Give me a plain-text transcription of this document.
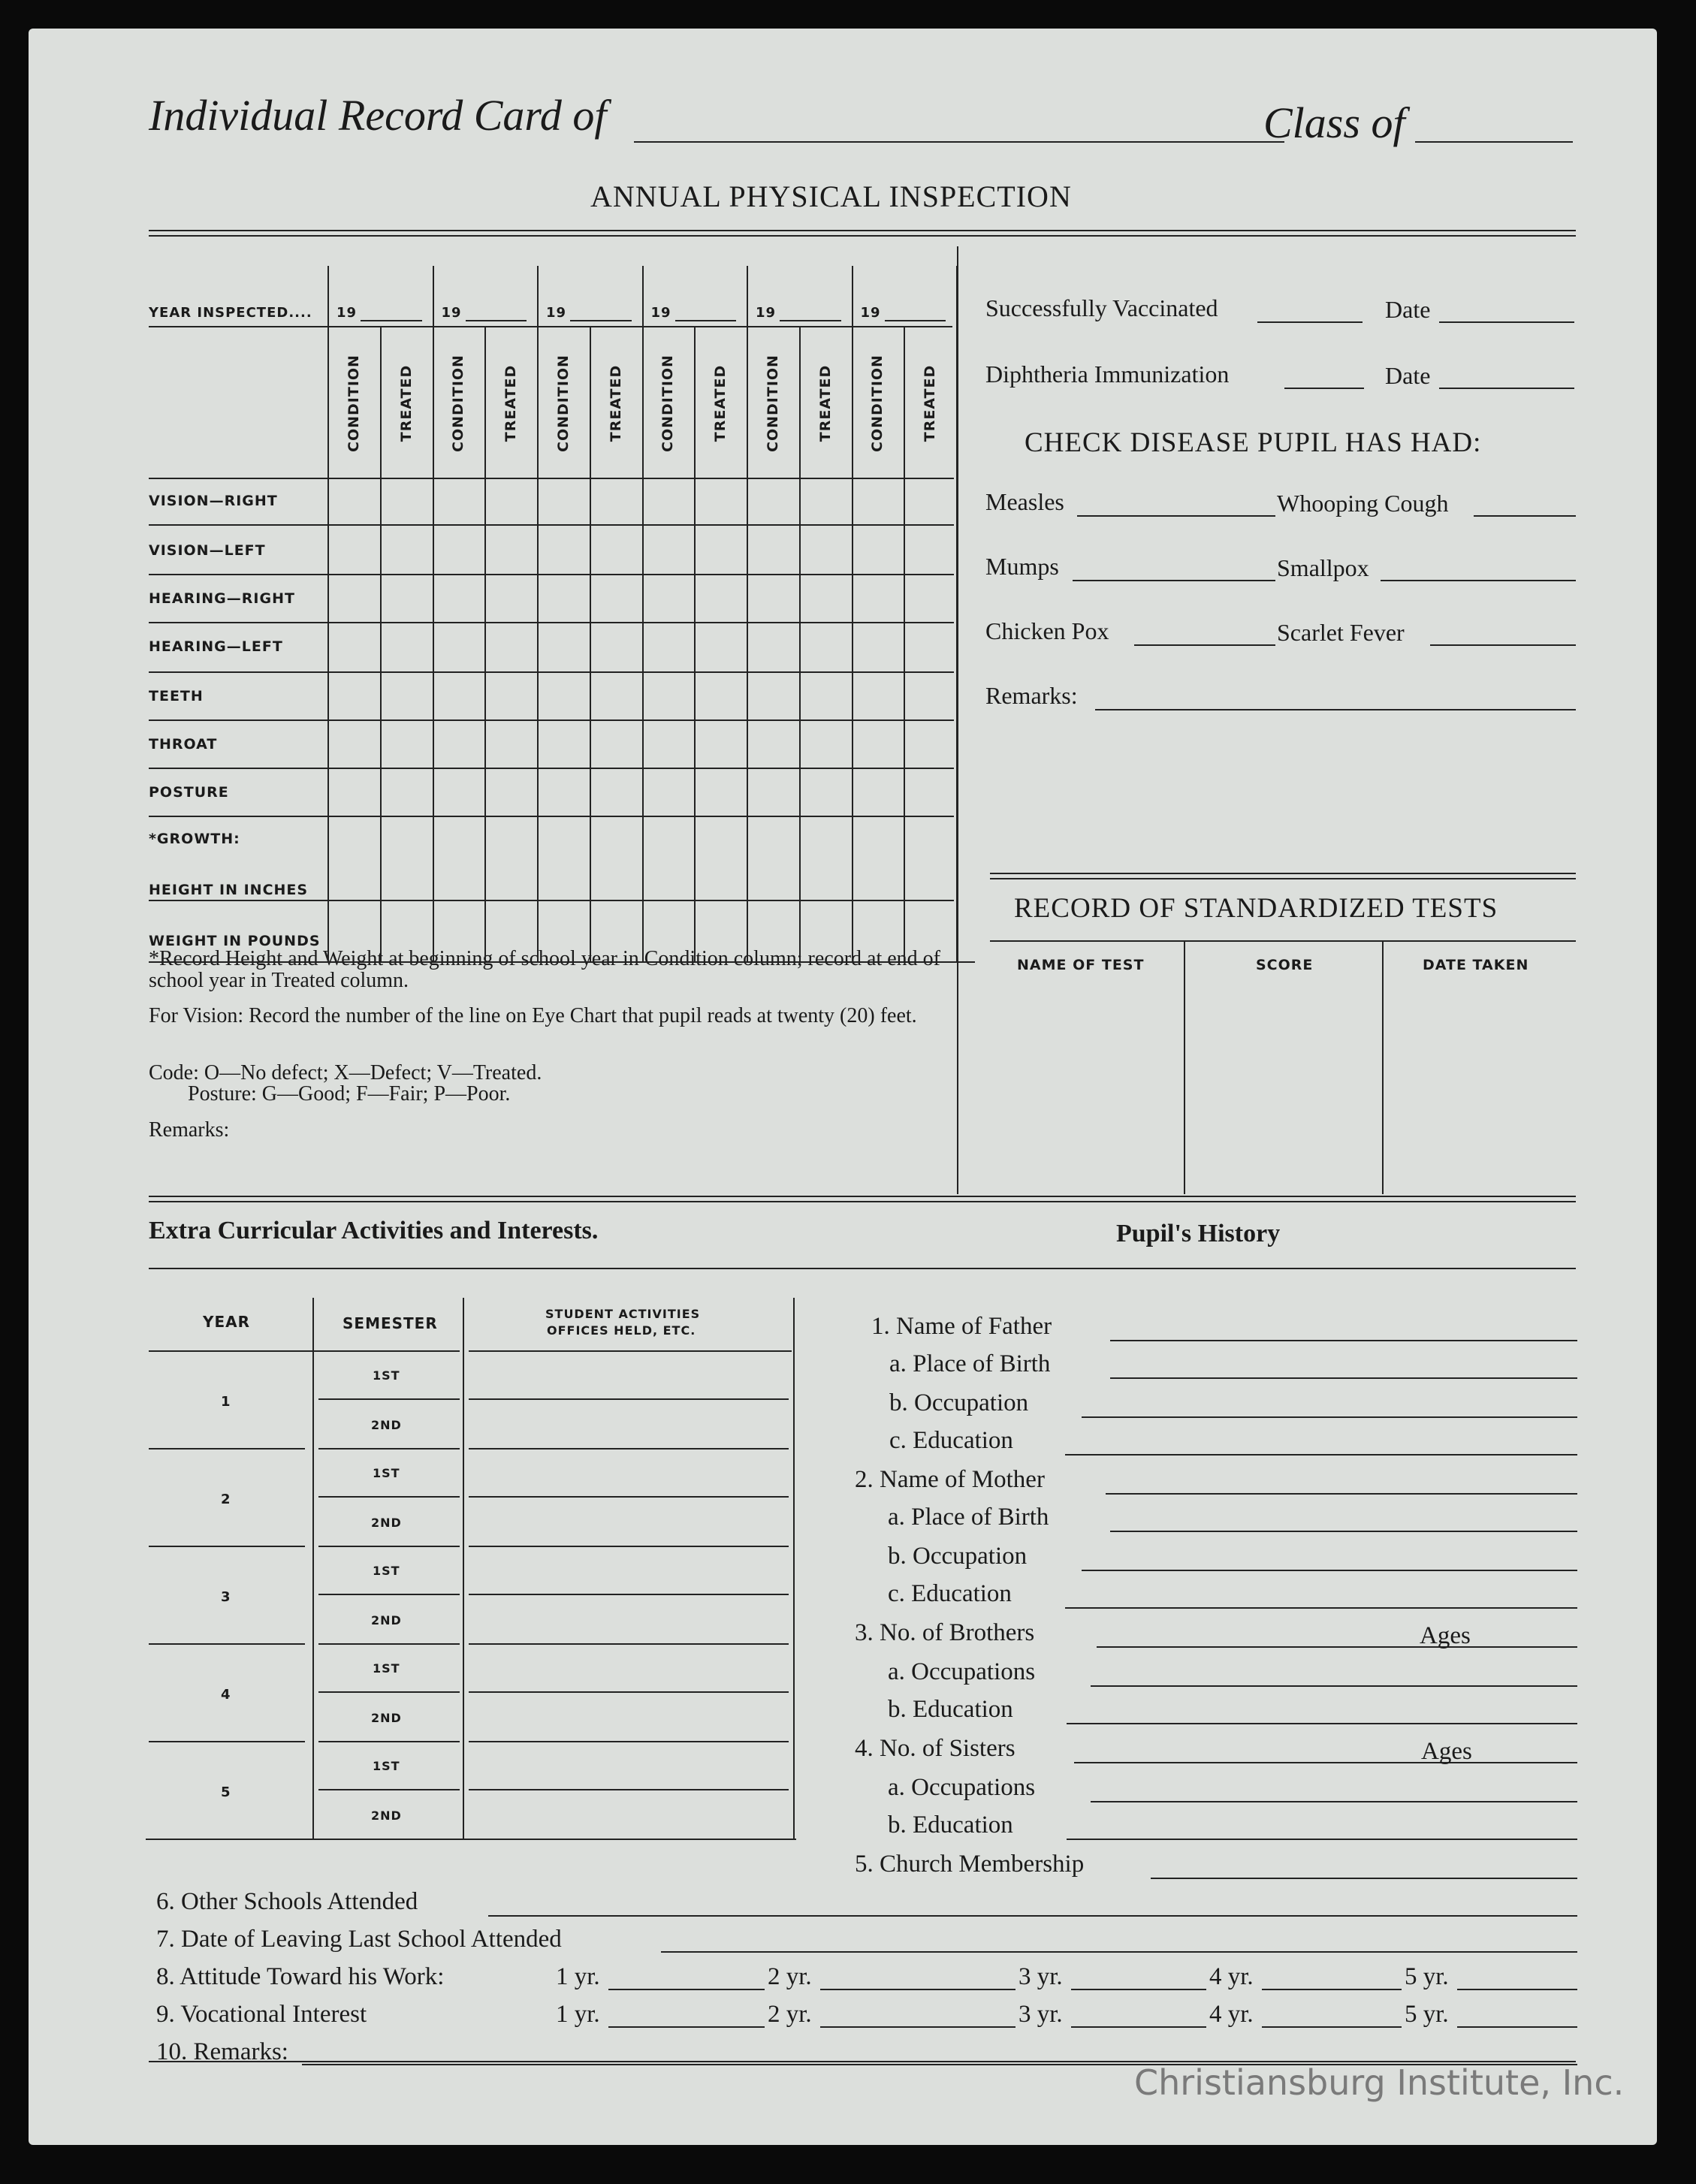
Individual Record Card of	Class of
ANNUAL PHYSICAL INSPECTION
*Record Height and Weight at beginning of school year in Condition column; record at end of school year in Treated column.
For Vision: Record the number of the line on Eye Chart that pupil reads at twenty (20) feet.
Code: O—No defect; X—Defect; V—Treated.
Posture: G—Good; F—Fair; P—Poor.
Remarks:
Successfully Vaccinated	Date
Diphtheria Immunization	Date
CHECK DISEASE PUPIL HAS HAD:
Measles	Whooping Cough
Mumps	Smallpox
Chicken Pox	Scarlet Fever
Remarks:
RECORD OF STANDARDIZED TESTS
NAME OF TEST	SCORE	DATE TAKEN
Extra Curricular Activities and Interests.	Pupil's History
Christiansburg Institute, Inc.
YEAR INSPECTED.... 19	19	19	19	19	19
CONDITION	TREATED	CONDITION	TREATED	CONDITION	TREATED	CONDITION	TREATED	CONDITION	TREATED	CONDITION	TREATED
VISION—RIGHT
VISION—LEFT
HEARING—RIGHT
HEARING—LEFT
TEETH
THROAT
POSTURE
*GROWTH:
HEIGHT IN INCHES
WEIGHT IN POUNDS
YEAR	SEMESTER
STUDENT ACTIVITIES
OFFICES HELD, ETC.
1
1ST
2ND
2
1ST
2ND
3
1ST
2ND
4
1ST
2ND
5
1ST
2ND
1. Name of Father
a. Place of Birth
b. Occupation
c. Education
2. Name of Mother
a. Place of Birth
b. Occupation
c. Education
3. No. of Brothers
a. Occupations
b. Education
4. No. of Sisters
a. Occupations
b. Education
5. Church Membership
Ages
Ages
6. Other Schools Attended
7. Date of Leaving Last School Attended
8. Attitude Toward his Work:
9. Vocational Interest
1 yr.	2 yr.	3 yr.	4 yr.	5 yr.
1 yr.	2 yr.	3 yr.	4 yr.	5 yr.
10. Remarks:
